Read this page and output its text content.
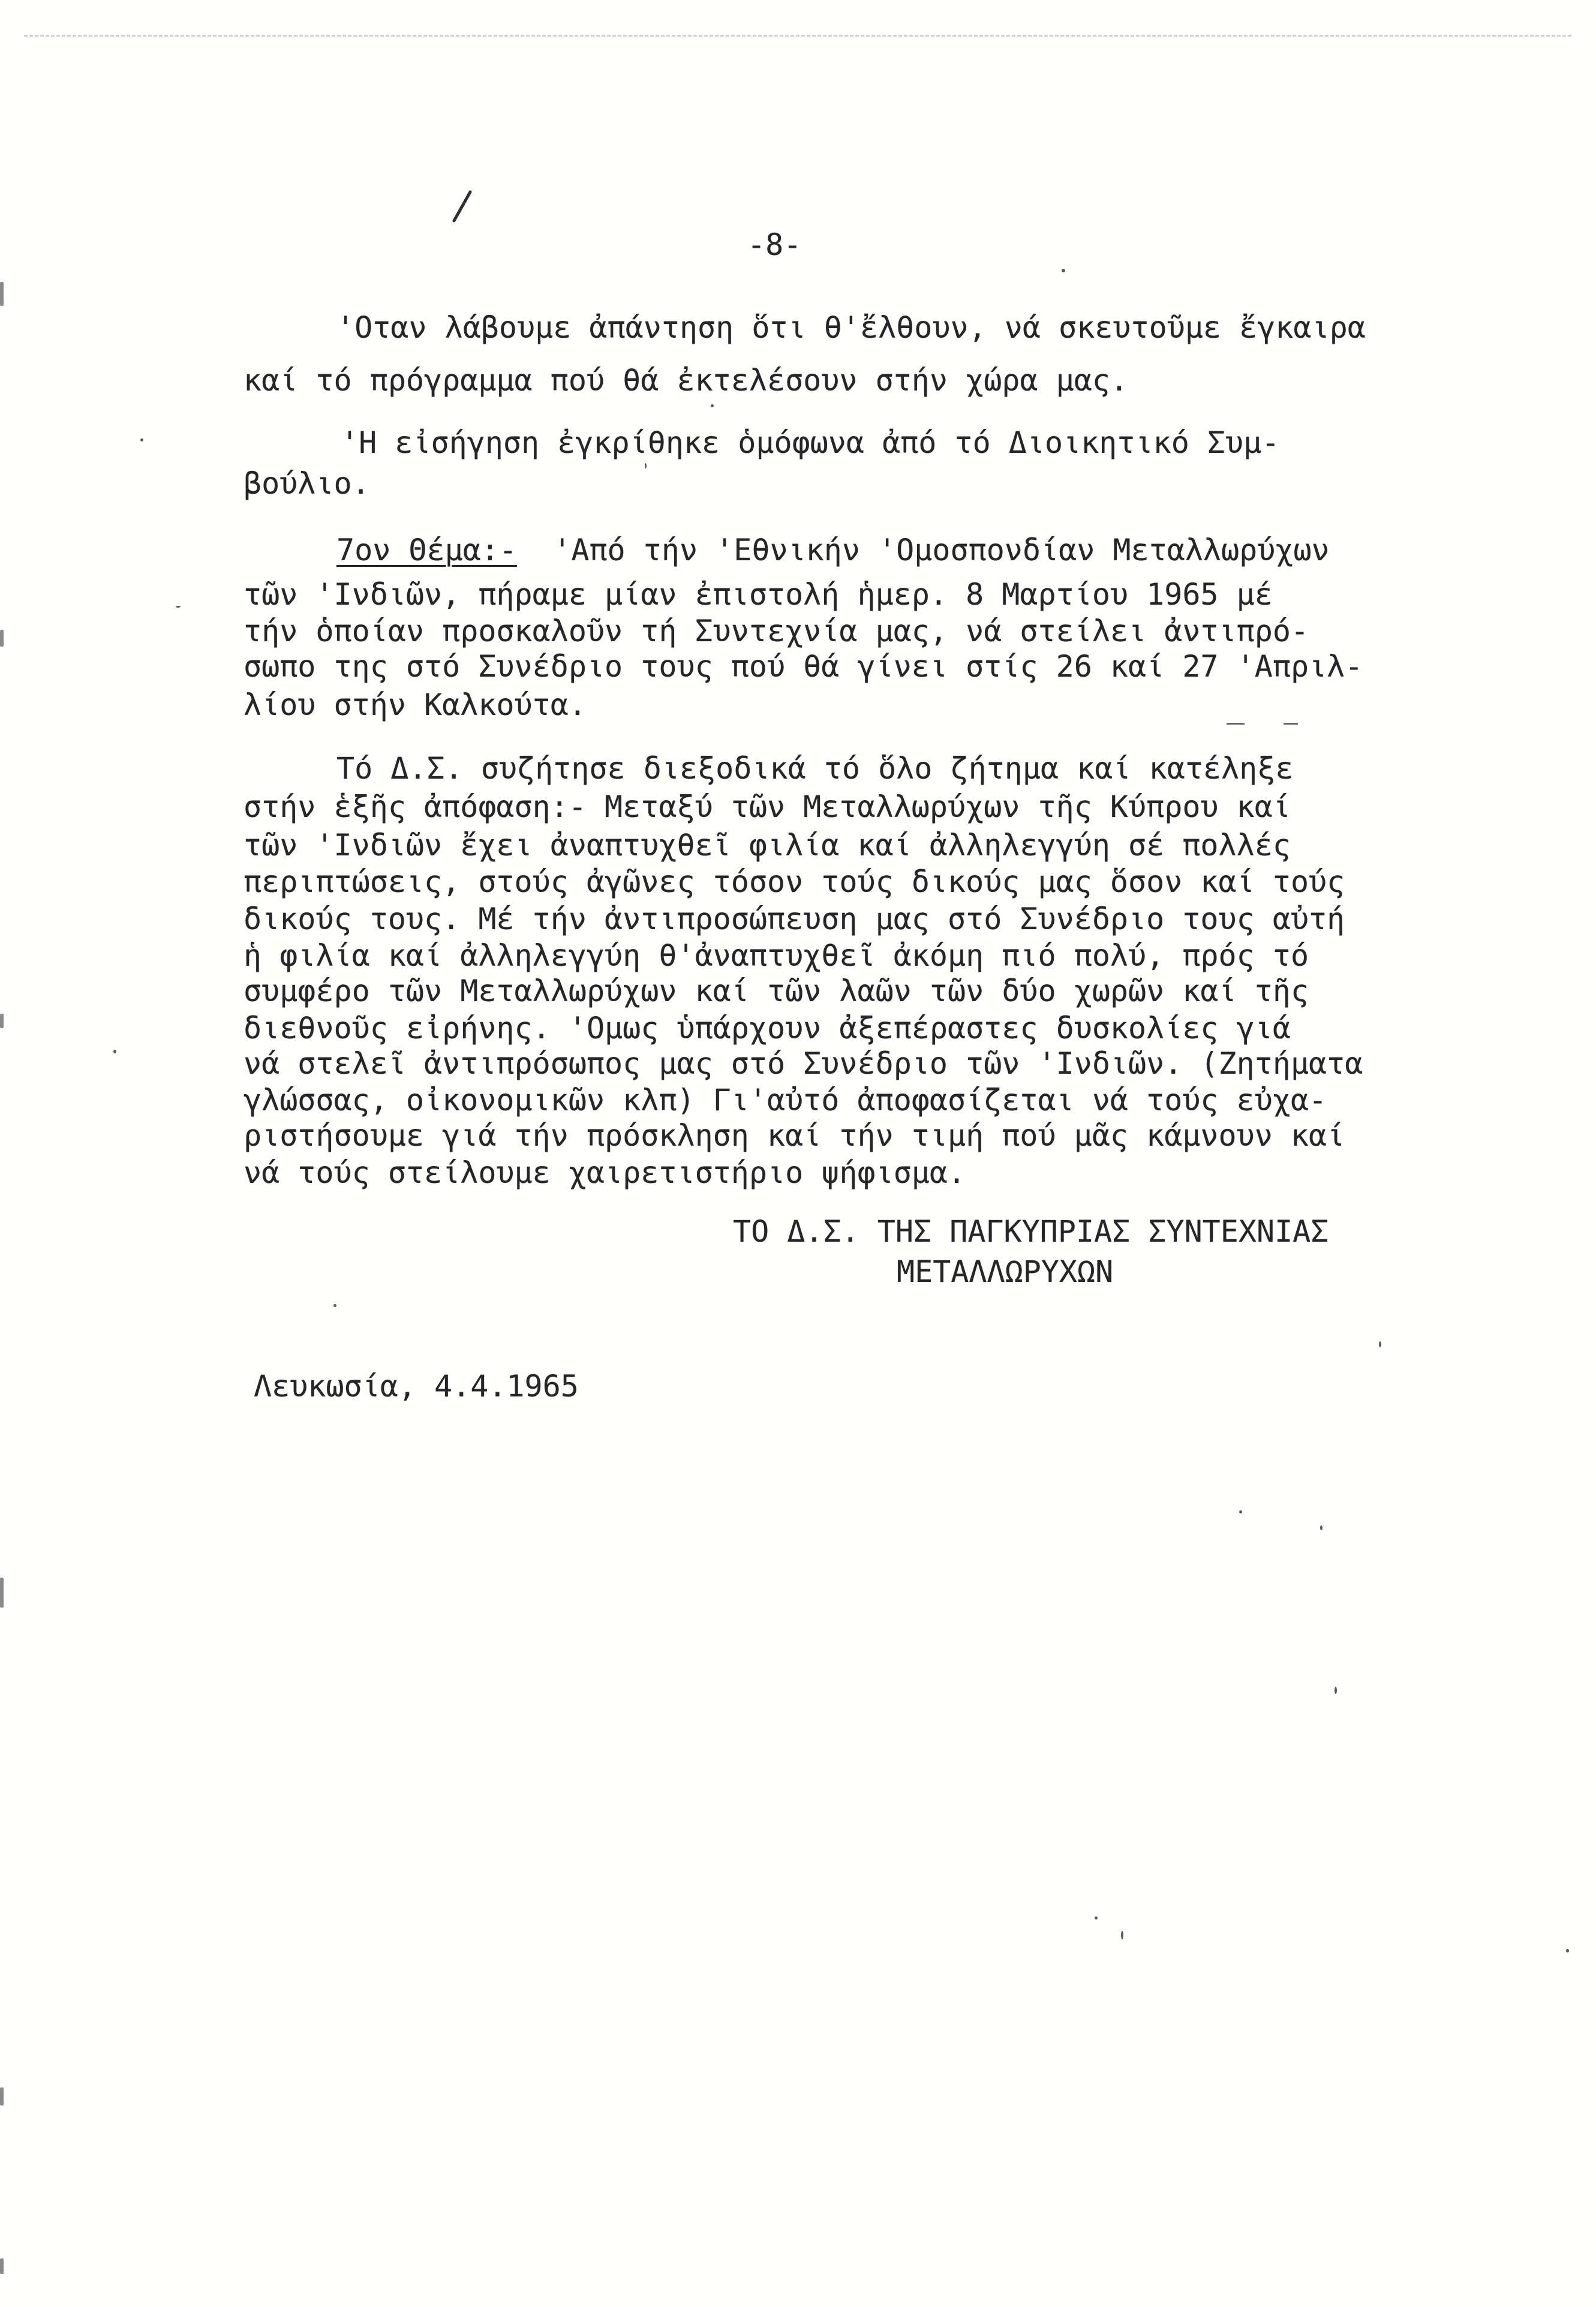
-8-
'Οταν λάβουμε ἀπάντηση ὅτι θ'ἔλθουν, νά σκευτοῦμε ἔγκαιρα
καί τό πρόγραμμα πού θά ἐκτελέσουν στήν χώρα μας.
'Η εἰσήγηση ἐγκρίθηκε ὁμόφωνα ἀπό τό Διοικητικό Συμ-
βούλιο.
7ον Θέμα:-  'Από τήν 'Εθνικήν 'Ομοσπονδίαν Μεταλλωρύχων
τῶν 'Ινδιῶν, πήραμε μίαν ἐπιστολή ἡμερ. 8 Μαρτίου 1965 μέ
τήν ὁποίαν προσκαλοῦν τή Συντεχνία μας, νά στείλει ἀντιπρό-
σωπο της στό Συνέδριο τους πού θά γίνει στίς 26 καί 27 'Απριλ-
λίου στήν Καλκούτα.
Τό Δ.Σ. συζήτησε διεξοδικά τό ὅλο ζήτημα καί κατέληξε
στήν ἑξῆς ἀπόφαση:- Μεταξύ τῶν Μεταλλωρύχων τῆς Κύπρου καί
τῶν 'Ινδιῶν ἔχει ἀναπτυχθεῖ φιλία καί ἀλληλεγγύη σέ πολλές
περιπτώσεις, στούς ἀγῶνες τόσον τούς δικούς μας ὅσον καί τούς
δικούς τους. Μέ τήν ἀντιπροσώπευση μας στό Συνέδριο τους αὐτή
ἡ φιλία καί ἀλληλεγγύη θ'ἀναπτυχθεῖ ἀκόμη πιό πολύ, πρός τό
συμφέρο τῶν Μεταλλωρύχων καί τῶν λαῶν τῶν δύο χωρῶν καί τῆς
διεθνοῦς εἰρήνης. 'Ομως ὑπάρχουν ἀξεπέραστες δυσκολίες γιά
νά στελεῖ ἀντιπρόσωπος μας στό Συνέδριο τῶν 'Ινδιῶν. (Ζητήματα
γλώσσας, οἰκονομικῶν κλπ) Γι'αὐτό ἀποφασίζεται νά τούς εὐχα-
ριστήσουμε γιά τήν πρόσκληση καί τήν τιμή πού μᾶς κάμνουν καί
νά τούς στείλουμε χαιρετιστήριο ψήφισμα.
ΤΟ Δ.Σ. ΤΗΣ ΠΑΓΚΥΠΡΙΑΣ ΣΥΝΤΕΧΝΙΑΣ
ΜΕΤΑΛΛΩΡΥΧΩΝ
Λευκωσία, 4.4.1965
